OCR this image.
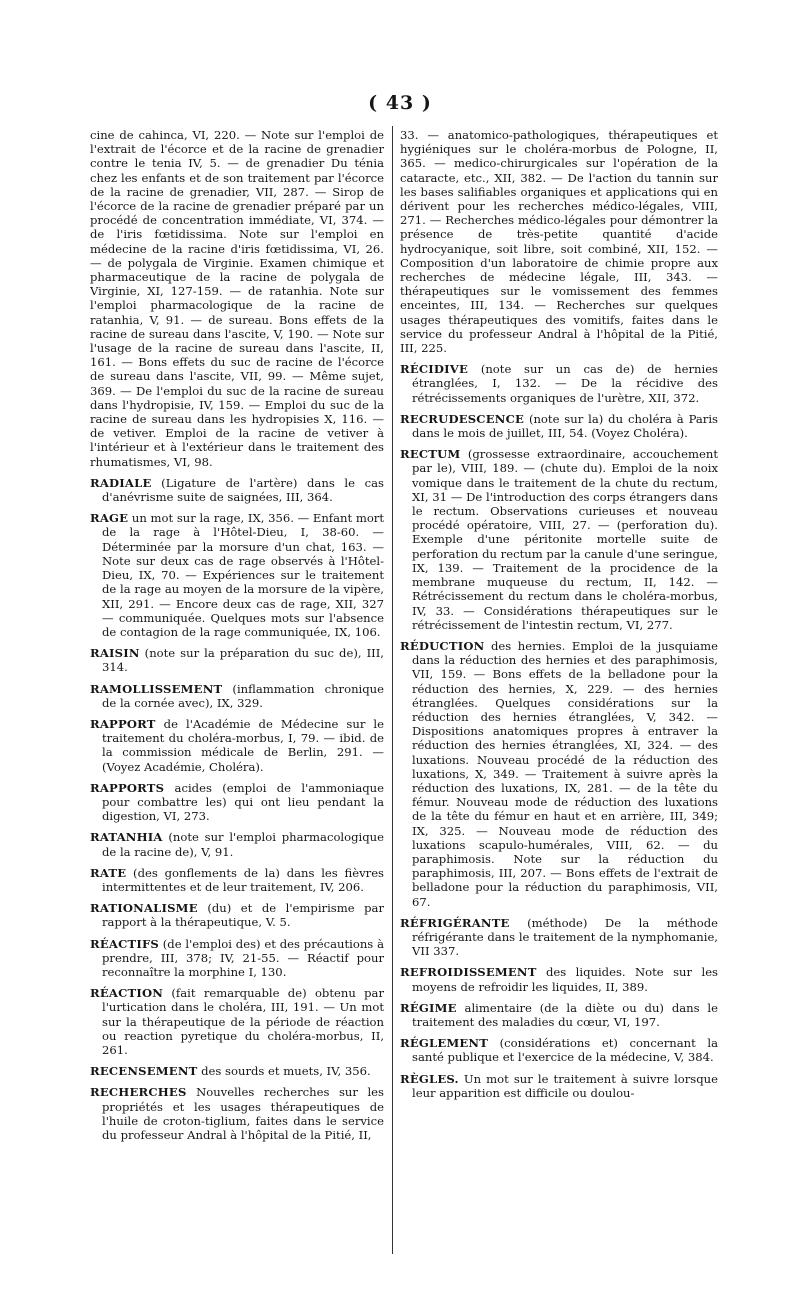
( 43 )

cine de cahinca, VI, 220. — Note sur l'emploi de l'extrait de l'écorce et de la racine de grenadier contre le tenia IV, 5. — de grenadier Du ténia chez les enfants et de son traitement par l'écorce de la racine de grenadier, VII, 287. — Sirop de l'écorce de la racine de grenadier préparé par un procédé de concentration immédiate, VI, 374. — de l'iris fœtidissima. Note sur l'emploi en médecine de la racine d'iris fœtidissima, VI, 26. — de polygala de Virginie. Examen chimique et pharmaceutique de la racine de polygala de Virginie, XI, 127-159. — de ratanhia. Note sur l'emploi pharmacologique de la racine de ratanhia, V, 91. — de sureau. Bons effets de la racine de sureau dans l'ascite, V, 190. — Note sur l'usage de la racine de sureau dans l'ascite, II, 161. — Bons effets du suc de racine de l'écorce de sureau dans l'ascite, VII, 99. — Même sujet, 369. — De l'emploi du suc de la racine de sureau dans l'hydropisie, IV, 159. — Emploi du suc de la racine de sureau dans les hydropisies X, 116. — de vetiver. Emploi de la racine de vetiver à l'intérieur et à l'extérieur dans le traitement des rhumatismes, VI, 98.

RADIALE (Ligature de l'artère) dans le cas d'anévrisme suite de saignées, III, 364.

RAGE un mot sur la rage, IX, 356. — Enfant mort de la rage à l'Hôtel-Dieu, I, 38-60. — Déterminée par la morsure d'un chat, 163. — Note sur deux cas de rage observés à l'Hôtel-Dieu, IX, 70. — Expériences sur le traitement de la rage au moyen de la morsure de la vipère, XII, 291. — Encore deux cas de rage, XII, 327 — communiquée. Quelques mots sur l'absence de contagion de la rage communiquée, IX, 106.

RAISIN (note sur la préparation du suc de), III, 314.

RAMOLLISSEMENT (inflammation chronique de la cornée avec), IX, 329.

RAPPORT de l'Académie de Médecine sur le traitement du choléra-morbus, I, 79. — ibid. de la commission médicale de Berlin, 291. — (Voyez Académie, Choléra).

RAPPORTS acides (emploi de l'ammoniaque pour combattre les) qui ont lieu pendant la digestion, VI, 273.

RATANHIA (note sur l'emploi pharmacologique de la racine de), V, 91.

RATE (des gonflements de la) dans les fièvres intermittentes et de leur traitement, IV, 206.

RATIONALISME (du) et de l'empirisme par rapport à la thérapeutique, V. 5.

RÉACTIFS (de l'emploi des) et des précautions à prendre, III, 378; IV, 21-55. — Réactif pour reconnaître la morphine I, 130.

RÉACTION (fait remarquable de) obtenu par l'urtication dans le choléra, III, 191. — Un mot sur la thérapeutique de la période de réaction ou reaction pyretique du choléra-morbus, II, 261.

RECENSEMENT des sourds et muets, IV, 356.

RECHERCHES Nouvelles recherches sur les propriétés et les usages thérapeutiques de l'huile de croton-tiglium, faites dans le service du professeur Andral à l'hôpital de la Pitié, II,

33. — anatomico-pathologiques, thérapeutiques et hygiéniques sur le choléra-morbus de Pologne, II, 365. — medico-chirurgicales sur l'opération de la cataracte, etc., XII, 382. — De l'action du tannin sur les bases salifiables organiques et applications qui en dérivent pour les recherches médico-légales, VIII, 271. — Recherches médico-légales pour démontrer la présence de très-petite quantité d'acide hydrocyanique, soit libre, soit combiné, XII, 152. — Composition d'un laboratoire de chimie propre aux recherches de médecine légale, III, 343. — thérapeutiques sur le vomissement des femmes enceintes, III, 134. — Recherches sur quelques usages thérapeutiques des vomitifs, faites dans le service du professeur Andral à l'hôpital de la Pitié, III, 225.

RÉCIDIVE (note sur un cas de) de hernies étranglées, I, 132. — De la récidive des rétrécissements organiques de l'urètre, XII, 372.

RECRUDESCENCE (note sur la) du choléra à Paris dans le mois de juillet, III, 54. (Voyez Choléra).

RECTUM (grossesse extraordinaire, accouchement par le), VIII, 189. — (chute du). Emploi de la noix vomique dans le traitement de la chute du rectum, XI, 31 — De l'introduction des corps étrangers dans le rectum. Observations curieuses et nouveau procédé opératoire, VIII, 27. — (perforation du). Exemple d'une péritonite mortelle suite de perforation du rectum par la canule d'une seringue, IX, 139. — Traitement de la procidence de la membrane muqueuse du rectum, II, 142. — Rétrécissement du rectum dans le choléra-morbus, IV, 33. — Considérations thérapeutiques sur le rétrécissement de l'intestin rectum, VI, 277.

RÉDUCTION des hernies. Emploi de la jusquiame dans la réduction des hernies et des paraphimosis, VII, 159. — Bons effets de la belladone pour la réduction des hernies, X, 229. — des hernies étranglées. Quelques considérations sur la réduction des hernies étranglées, V, 342. — Dispositions anatomiques propres à entraver la réduction des hernies étranglées, XI, 324. — des luxations. Nouveau procédé de la réduction des luxations, X, 349. — Traitement à suivre après la réduction des luxations, IX, 281. — de la tête du fémur. Nouveau mode de réduction des luxations de la tête du fémur en haut et en arrière, III, 349; IX, 325. — Nouveau mode de réduction des luxations scapulo-humérales, VIII, 62. — du paraphimosis. Note sur la réduction du paraphimosis, III, 207. — Bons effets de l'extrait de belladone pour la réduction du paraphimosis, VII, 67.

RÉFRIGÉRANTE (méthode) De la méthode réfrigérante dans le traitement de la nymphomanie, VII 337.

REFROIDISSEMENT des liquides. Note sur les moyens de refroidir les liquides, II, 389.

RÉGIME alimentaire (de la diète ou du) dans le traitement des maladies du cœur, VI, 197.

RÉGLEMENT (considérations et) concernant la santé publique et l'exercice de la médecine, V, 384.

RÈGLES. Un mot sur le traitement à suivre lorsque leur apparition est difficile ou doulou-
